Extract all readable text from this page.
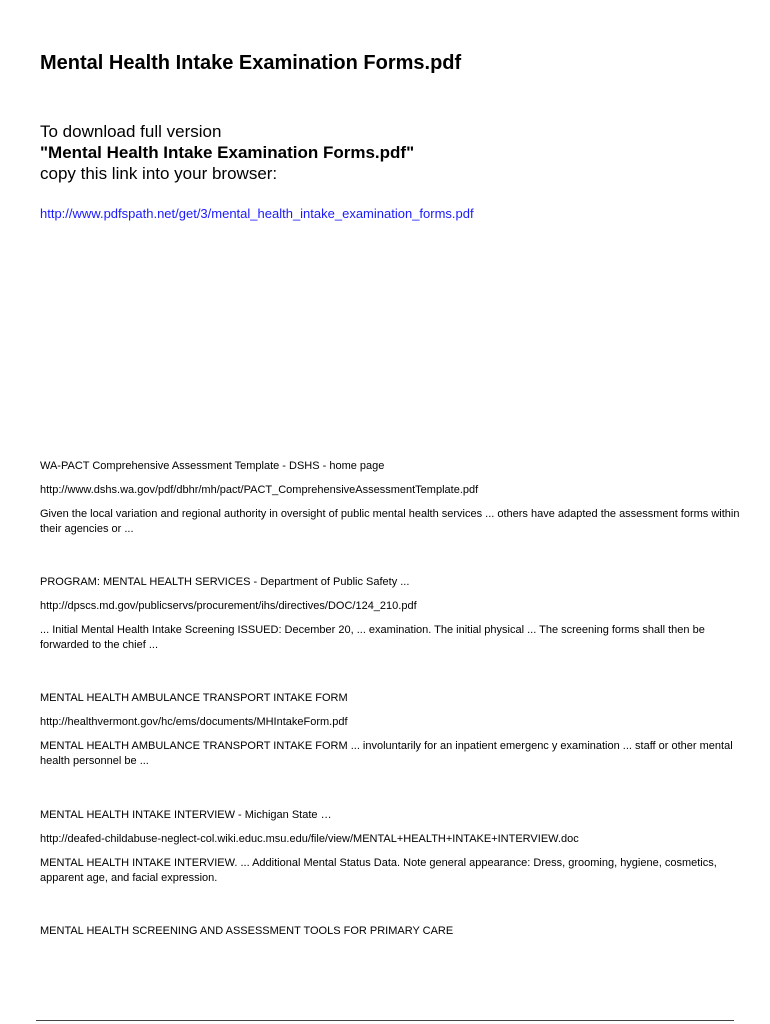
Mental Health Intake Examination Forms.pdf
To download full version
"Mental Health Intake Examination Forms.pdf"
copy this link into your browser:
http://www.pdfspath.net/get/3/mental_health_intake_examination_forms.pdf
WA-PACT Comprehensive Assessment Template - DSHS - home page
http://www.dshs.wa.gov/pdf/dbhr/mh/pact/PACT_ComprehensiveAssessmentTemplate.pdf
Given the local variation and regional authority in oversight of public mental health services ... others have adapted the assessment forms within their agencies or ...
PROGRAM: MENTAL HEALTH SERVICES - Department of Public Safety ...
http://dpscs.md.gov/publicservs/procurement/ihs/directives/DOC/124_210.pdf
... Initial Mental Health Intake Screening ISSUED: December 20, ... examination. The initial physical ... The screening forms shall then be forwarded to the chief ...
MENTAL HEALTH AMBULANCE TRANSPORT INTAKE FORM
http://healthvermont.gov/hc/ems/documents/MHIntakeForm.pdf
MENTAL HEALTH AMBULANCE TRANSPORT INTAKE FORM ... involuntarily for an inpatient emergenc y examination ... staff or other mental health personnel be ...
MENTAL HEALTH INTAKE INTERVIEW - Michigan State …
http://deafed-childabuse-neglect-col.wiki.educ.msu.edu/file/view/MENTAL+HEALTH+INTAKE+INTERVIEW.doc
MENTAL HEALTH INTAKE INTERVIEW. ... Additional Mental Status Data. Note general appearance: Dress, grooming, hygiene, cosmetics, apparent age, and facial expression.
MENTAL HEALTH SCREENING AND ASSESSMENT TOOLS FOR PRIMARY CARE
